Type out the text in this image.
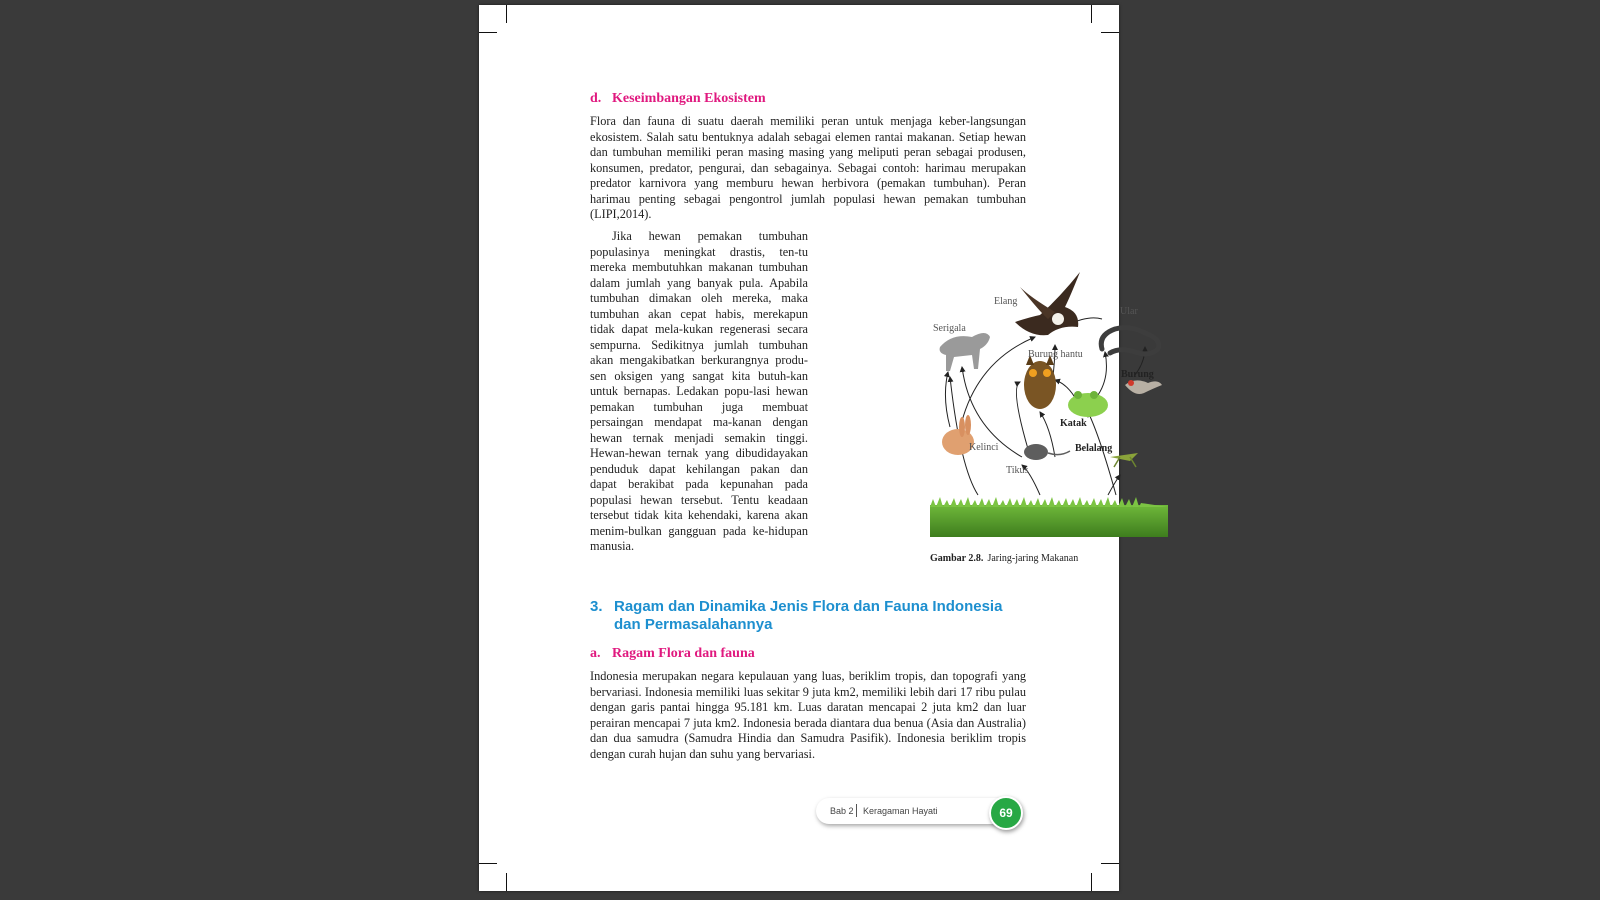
d. Keseimbangan Ekosistem

Flora dan fauna di suatu daerah memiliki peran untuk menjaga keber-langsungan ekosistem. Salah satu bentuknya adalah sebagai elemen rantai makanan. Setiap hewan dan tumbuhan memiliki peran masing masing yang meliputi peran sebagai produsen, konsumen, predator, pengurai, dan sebagainya. Sebagai contoh: harimau merupakan predator karnivora yang memburu hewan herbivora (pemakan tumbuhan). Peran harimau penting sebagai pengontrol jumlah populasi hewan pemakan tumbuhan (LIPI,2014).

Jika hewan pemakan tumbuhan populasinya meningkat drastis, ten-tu mereka membutuhkan makanan tumbuhan dalam jumlah yang banyak pula. Apabila tumbuhan dimakan oleh mereka, maka tumbuhan akan cepat habis, merekapun tidak dapat mela-kukan regenerasi secara sempurna. Sedikitnya jumlah tumbuhan akan mengakibatkan berkurangnya produ-sen oksigen yang sangat kita butuh-kan untuk bernapas. Ledakan popu-lasi hewan pemakan tumbuhan juga membuat persaingan mendapat ma-kanan dengan hewan ternak menjadi semakin tinggi. Hewan-hewan ternak yang dibudidayakan penduduk dapat kehilangan pakan dan dapat berakibat pada kepunahan pada populasi hewan tersebut. Tentu keadaan tersebut tidak kita kehendaki, karena akan menim-bulkan gangguan pada ke-hidupan manusia.

Elang
Ular
Serigala
Burung hantu
Burung
Katak
Kelinci	Belalang
Tikus
Gambar 2.8. Jaring-jaring Makanan
3. Ragam dan Dinamika Jenis Flora dan Fauna Indonesia dan Permasalahannya
a. Ragam Flora dan fauna

Indonesia merupakan negara kepulauan yang luas, beriklim tropis, dan topografi yang bervariasi. Indonesia memiliki luas sekitar 9 juta km2, memiliki lebih dari 17 ribu pulau dengan garis pantai hingga 95.181 km. Luas daratan mencapai 2 juta km2 dan luar perairan mencapai 7 juta km2. Indonesia berada diantara dua benua (Asia dan Australia) dan dua samudra (Samudra Hindia dan Samudra Pasifik). Indonesia beriklim tropis dengan curah hujan dan suhu yang bervariasi.

Bab 2 Keragaman Hayati	69
